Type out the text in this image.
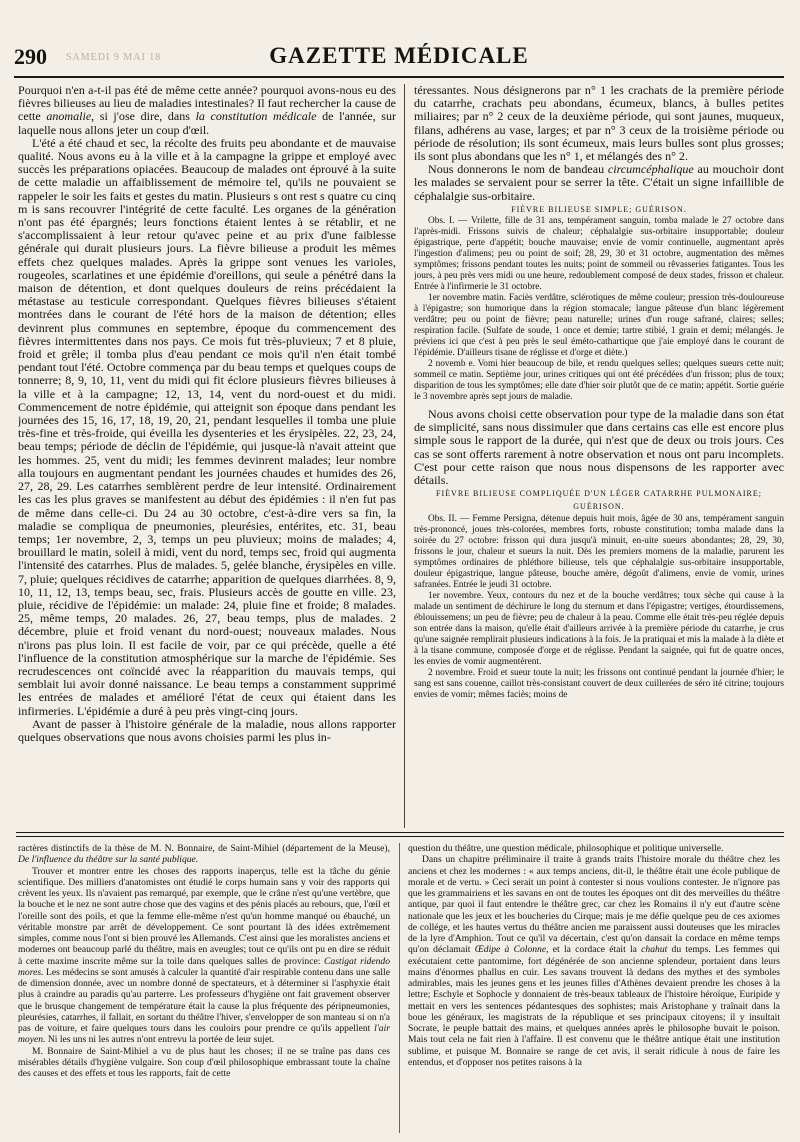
290 SAMEDI 9 MAI 18	GAZETTE MÉDICALE

Pourquoi n'en a-t-il pas été de même cette année? pourquoi avons-nous eu des fièvres bilieuses au lieu de maladies intestinales? Il faut rechercher la cause de cette anomalie, si j'ose dire, dans la constitution médicale de l'année, sur laquelle nous allons jeter un coup d'œil.

L'été a été chaud et sec, la récolte des fruits peu abondante et de mauvaise qualité. Nous avons eu à la ville et à la campagne la grippe et employé avec succès les préparations opiacées. Beaucoup de malades ont éprouvé à la suite de cette maladie un affaiblissement de mémoire tel, qu'ils ne pouvaient se rappeler le soir les faits et gestes du matin. Plusieurs s ont rest s quatre cu cinq m is sans recouvrer l'intégrité de cette faculté. Les organes de la génération n'ont pas été épargnés; leurs fonctions étaient lentes à se rétablir, et ne s'accomplissaient à leur retour qu'avec peine et au prix d'une faiblesse générale qui durait plusieurs jours. La fièvre bilieuse a produit les mêmes effets chez quelques malades. Après la grippe sont venues les varioles, rougeoles, scarlatines et une épidémie d'oreillons, qui seule a pénétré dans la maison de détention, et dont quelques douleurs de reins précédaient la métastase au testicule correspondant. Quelques fièvres bilieuses s'étaient montrées dans le courant de l'été hors de la maison de détention; elles devinrent plus communes en septembre, époque du commencement des fièvres intermittentes dans nos pays. Ce mois fut très-pluvieux; 7 et 8 pluie, froid et grêle; il tomba plus d'eau pendant ce mois qu'il n'en était tombé pendant tout l'été. Octobre commença par du beau temps et quelques coups de tonnerre; 8, 9, 10, 11, vent du midi qui fit éclore plusieurs fièvres bilieuses à la ville et à la campagne; 12, 13, 14, vent du nord-ouest et du midi. Commencement de notre épidémie, qui atteignit son époque dans pendant les journées des 15, 16, 17, 18, 19, 20, 21, pendant lesquelles il tomba une pluie très-fine et très-froide, qui éveilla les dysenteries et les érysipèles. 22, 23, 24, beau temps; période de déclin de l'épidémie, qui jusque-là n'avait atteint que les hommes. 25, vent du midi; les femmes devinrent malades; leur nombre alla toujours en augmentant pendant les journées chaudes et humides des 26, 27, 28, 29. Les catarrhes semblèrent perdre de leur intensité. Ordinairement les cas les plus graves se manifestent au début des épidémies : il n'en fut pas de même dans celle-ci. Du 24 au 30 octobre, c'est-à-dire vers sa fin, la maladie se compliqua de pneumonies, pleurésies, entérites, etc. 31, beau temps; 1er novembre, 2, 3, temps un peu pluvieux; moins de malades; 4, brouillard le matin, soleil à midi, vent du nord, temps sec, froid qui augmenta l'intensité des catarrhes. Plus de malades. 5, gelée blanche, érysipèles en ville. 7, pluie; quelques récidives de catarrhe; apparition de quelques diarrhées. 8, 9, 10, 11, 12, 13, temps beau, sec, frais. Plusieurs accès de goutte en ville. 23, pluie, récidive de l'épidémie: un malade: 24, pluie fine et froide; 8 malades. 25, même temps, 20 malades. 26, 27, beau temps, plus de malades. 2 décembre, pluie et froid venant du nord-ouest; nouveaux malades. Nous n'irons pas plus loin. Il est facile de voir, par ce qui précède, quelle a été l'influence de la constitution atmosphérique sur la marche de l'épidémie. Ses recrudescences ont coïncidé avec la réapparition du mauvais temps, qui semblait lui avoir donné naissance. Le beau temps a constamment supprimé les entrées de malades et amélioré l'état de ceux qui étaient dans les infirmeries. L'épidémie a duré à peu près vingt-cinq jours.

Avant de passer à l'histoire générale de la maladie, nous allons rapporter quelques observations que nous avons choisies parmi les plus in-

téressantes. Nous désignerons par n° 1 les crachats de la première période du catarrhe, crachats peu abondans, écumeux, blancs, à bulles petites miliaires; par n° 2 ceux de la deuxième période, qui sont jaunes, muqueux, filans, adhérens au vase, larges; et par n° 3 ceux de la troisième période ou période de résolution; ils sont écumeux, mais leurs bulles sont plus grosses; ils sont plus abondans que les n° 1, et mélangés des n° 2.

Nous donnerons le nom de bandeau circumcéphalique au mouchoir dont les malades se servaient pour se serrer la tête. C'était un signe infaillible de céphalalgie sus-orbitaire.

FIÈVRE BILIEUSE SIMPLE; GUÉRISON.

Obs. I. — Vrilette, fille de 31 ans, tempérament sanguin, tomba malade le 27 octobre dans l'après-midi. Frissons suivis de chaleur; céphalalgie sus-orbitaire insupportable; douleur épigastrique, perte d'appétit; bouche mauvaise; envie de vomir continuelle, augmentant après l'ingestion d'alimens; peu ou point de soif; 28, 29, 30 et 31 octobre, augmentation des mêmes symptômes; frissons pendant toutes les nuits; point de sommeil ou rêvasseries fatigantes. Tous les jours, à peu près vers midi ou une heure, redoublement composé de deux stades, frisson et chaleur. Entrée à l'infirmerie le 31 octobre.

1er novembre matin. Faciès verdâtre, sclérotiques de même couleur; pression très-douloureuse à l'épigastre; son humorique dans la région stomacale; langue pâteuse d'un blanc légèrement verdâtre; peu ou point de fièvre; peau naturelle; urines d'un rouge safrané, claires; selles; respiration facile. (Sulfate de soude, 1 once et demie; tartre stibié, 1 grain et demi; mélangés. Je préviens ici que c'est à peu près le seul éméto-cathartique que j'aie employé dans le courant de l'épidémie. D'ailleurs tisane de réglisse et d'orge et diète.)

2 novemb e. Vomi hier beaucoup de bile, et rendu quelques selles; quelques sueurs cette nuit; sommeil ce matin. Septième jour, urines critiques qui ont été précédées d'un frisson; plus de toux; disparition de tous les symptômes; elle date d'hier soir plutôt que de ce matin; appétit. Sortie guérie le 3 novembre après sept jours de maladie.

Nous avons choisi cette observation pour type de la maladie dans son état de simplicité, sans nous dissimuler que dans certains cas elle est encore plus simple sous le rapport de la durée, qui n'est que de deux ou trois jours. Ces cas se sont offerts rarement à notre observation et nous ont paru incomplets. C'est pour cette raison que nous nous dispensons de les rapporter avec détails.

FIÈVRE BILIEUSE COMPLIQUÉE D'UN LÉGER CATARRHE PULMONAIRE; GUÉRISON.

Obs. II. — Femme Persigna, détenue depuis huit mois, âgée de 30 ans, tempérament sanguin très-prononcé, joues très-colorées, membres forts, robuste constitution; tomba malade dans la soirée du 27 octobre: frisson qui dura jusqu'à minuit, en-uite sueurs abondantes; 28, 29, 30, frissons le jour, chaleur et sueurs la nuit. Dès les premiers momens de la maladie, parurent les symptômes ordinaires de phléthore bilieuse, tels que céphalalgie sus-orbitaire insupportable, douleur épigastrique, langue pâteuse, bouche amère, dégoût d'alimens, envie de vomir, urines safranées. Entrée le jeudi 31 octobre.

1er novembre. Yeux, contours du nez et de la bouche verdâtres; toux sèche qui cause à la malade un sentiment de déchirure le long du sternum et dans l'épigastre; vertiges, étourdissemens, éblouissemens; un peu de fièvre; peu de chaleur à la peau. Comme elle était très-peu réglée depuis son entrée dans la maison, qu'elle était d'ailleurs arrivée à la première période du catarrhe, je crus qu'une saignée remplirait plusieurs indications à la fois. Je la pratiquai et mis la malade à la diète et à la tisane commune, composée d'orge et de réglisse. Pendant la saignée, qui fut de quatre onces, les envies de vomir augmentèrent.

2 novembre. Froid et sueur toute la nuit; les frissons ont continué pendant la journée d'hier; le sang est sans couenne, caillot très-consistant couvert de deux cuillerées de séro ité citrine; toujours envies de vomir; mêmes faciès; moins de

ractères distinctifs de la thèse de M. N. Bonnaire, de Saint-Mihiel (département de la Meuse), De l'influence du théâtre sur la santé publique.

Trouver et montrer entre les choses des rapports inaperçus, telle est la tâche du génie scientifique. Des milliers d'anatomistes ont étudié le corps humain sans y voir des rapports qui crèvent les yeux. Ils n'avaient pas remarqué, par exemple, que le crâne n'est qu'une vertèbre, que la bouche et le nez ne sont autre chose que des vagins et des pénis placés au rebours, que, l'œil et l'oreille sont des poils, et que la femme elle-même n'est qu'un homme manqué ou ébauché, un véritable monstre par arrêt de développement. Ce sont pourtant là des idées extrêmement simples, comme nous l'ont si bien prouvé les Allemands. C'est ainsi que les moralistes anciens et modernes ont beaucoup parlé du théâtre, mais en aveugles; tout ce qu'ils ont pu en dire se réduit à cette maxime inscrite même sur la toile dans quelques salles de province: Castigat ridendo mores. Les médecins se sont amusés à calculer la quantité d'air respirable contenu dans une salle de dimension donnée, avec un nombre donné de spectateurs, et à déterminer si l'asphyxie était plus à craindre au paradis qu'au parterre. Les professeurs d'hygiène ont fait gravement observer que le brusque changement de température était la cause la plus fréquente des péripneumonies, pleurésies, catarrhes, il fallait, en sortant du théâtre l'hiver, s'envelopper de son manteau si on n'a pas de voiture, et faire quelques tours dans les couloirs pour prendre ce qu'ils appellent l'air moyen. Ni les uns ni les autres n'ont entrevu la portée de leur sujet.

M. Bonnaire de Saint-Mihiel a vu de plus haut les choses; il ne se traîne pas dans ces misérables détails d'hygiène vulgaire. Son coup d'œil philosophique embrassant toute la chaîne des causes et des effets et tous les rapports, fait de cette

question du théâtre, une question médicale, philosophique et politique universelle.

Dans un chapitre préliminaire il traite à grands traits l'histoire morale du théâtre chez les anciens et chez les modernes : « aux temps anciens, dit-il, le théâtre était une école publique de morale et de vertu. » Ceci serait un point à contester si nous voulions contester. Je n'ignore pas que les grammairiens et les savans en ont de toutes les époques ont dit des merveilles du théâtre antique, par quoi il faut entendre le théâtre grec, car chez les Romains il n'y eut d'autre scène nationale que les jeux et les boucheries du Cirque; mais je me défie quelque peu de ces axiomes de collége, et les hautes vertus du théâtre ancien me paraissent aussi douteuses que les miracles de la lyre d'Amphion. Tout ce qu'il va décertain, c'est qu'on dansait la cordace en même temps qu'on déclamait Œdipe à Colonne, et la cordace était la chahut du temps. Les femmes qui exécutaient cette pantomime, fort dégénérée de son ancienne splendeur, portaient dans leurs mains d'énormes phallus en cuir. Les savans trouvent là dedans des mythes et des symboles admirables, mais les jeunes gens et les jeunes filles d'Athènes devaient prendre les choses à la lettre; Eschyle et Sophocle y donnaient de très-beaux tableaux de l'histoire héroïque, Euripide y mettait en vers les sentences pédantesques des sophistes; mais Aristophane y traînait dans la boue les généraux, les magistrats de la république et ses principaux citoyens; il y insultait Socrate, le peuple battait des mains, et quelques années après le philosophe buvait le poison. Mais tout cela ne fait rien à l'affaire. Il est convenu que le théâtre antique était une institution sublime, et puisque M. Bonnaire se range de cet avis, il serait ridicule à nous de faire les entendus, et d'opposer nos petites raisons à la
